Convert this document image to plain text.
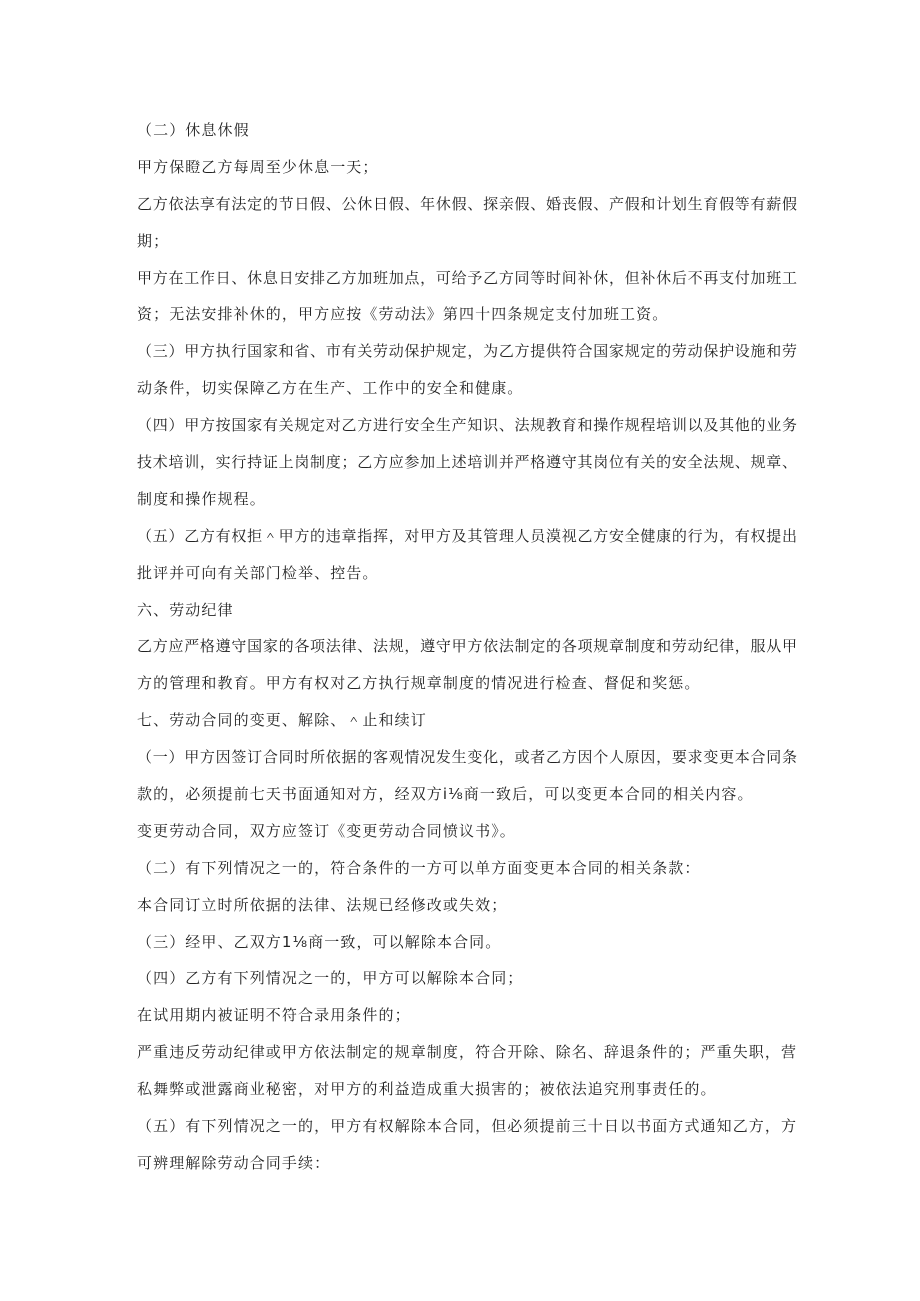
（二）休息休假
甲方保瞪乙方每周至少休息一天；
乙方依法享有法定的节日假、公休日假、年休假、探亲假、婚丧假、产假和计划生育假等有薪假
期；
甲方在工作日、休息日安排乙方加班加点，可给予乙方同等时间补休，但补休后不再支付加班工
资；无法安排补休的，甲方应按《劳动法》第四十四条规定支付加班工资。
（三）甲方执行国家和省、市有关劳动保护规定，为乙方提供符合国家规定的劳动保护设施和劳
动条件，切实保障乙方在生产、工作中的安全和健康。
（四）甲方按国家有关规定对乙方进行安全生产知识、法规教育和操作规程培训以及其他的业务
技术培训，实行持证上岗制度；乙方应参加上述培训并严格遵守其岗位有关的安全法规、规章、
制度和操作规程。
（五）乙方有权拒＾甲方的违章指挥，对甲方及其管理人员漠视乙方安全健康的行为，有权提出
批评并可向有关部门检举、控告。
六、劳动纪律
乙方应严格遵守国家的各项法律、法规，遵守甲方依法制定的各项规章制度和劳动纪律，服从甲
方的管理和教育。甲方有权对乙方执行规章制度的情况进行检查、督促和奖惩。
七、劳动合同的变更、解除、＾止和续订
（一）甲方因签订合同时所依据的客观情况发生变化，或者乙方因个人原因，要求变更本合同条
款的，必须提前七天书面通知对方，经双方i⅛商一致后，可以变更本合同的相关内容。
变更劳动合同，双方应签订《变更劳动合同愤议书》。
（二）有下列情况之一的，符合条件的一方可以单方面变更本合同的相关条款：
本合同订立时所依据的法律、法规已经修改或失效；
（三）经甲、乙双方1⅛商一致，可以解除本合同。
（四）乙方有下列情况之一的，甲方可以解除本合同；
在试用期内被证明不符合录用条件的；
严重违反劳动纪律或甲方依法制定的规章制度，符合开除、除名、辞退条件的；严重失职，营
私舞弊或泄露商业秘密，对甲方的利益造成重大损害的；被依法追究刑事责任的。
（五）有下列情况之一的，甲方有权解除本合同，但必须提前三十日以书面方式通知乙方，方
可辨理解除劳动合同手续：
